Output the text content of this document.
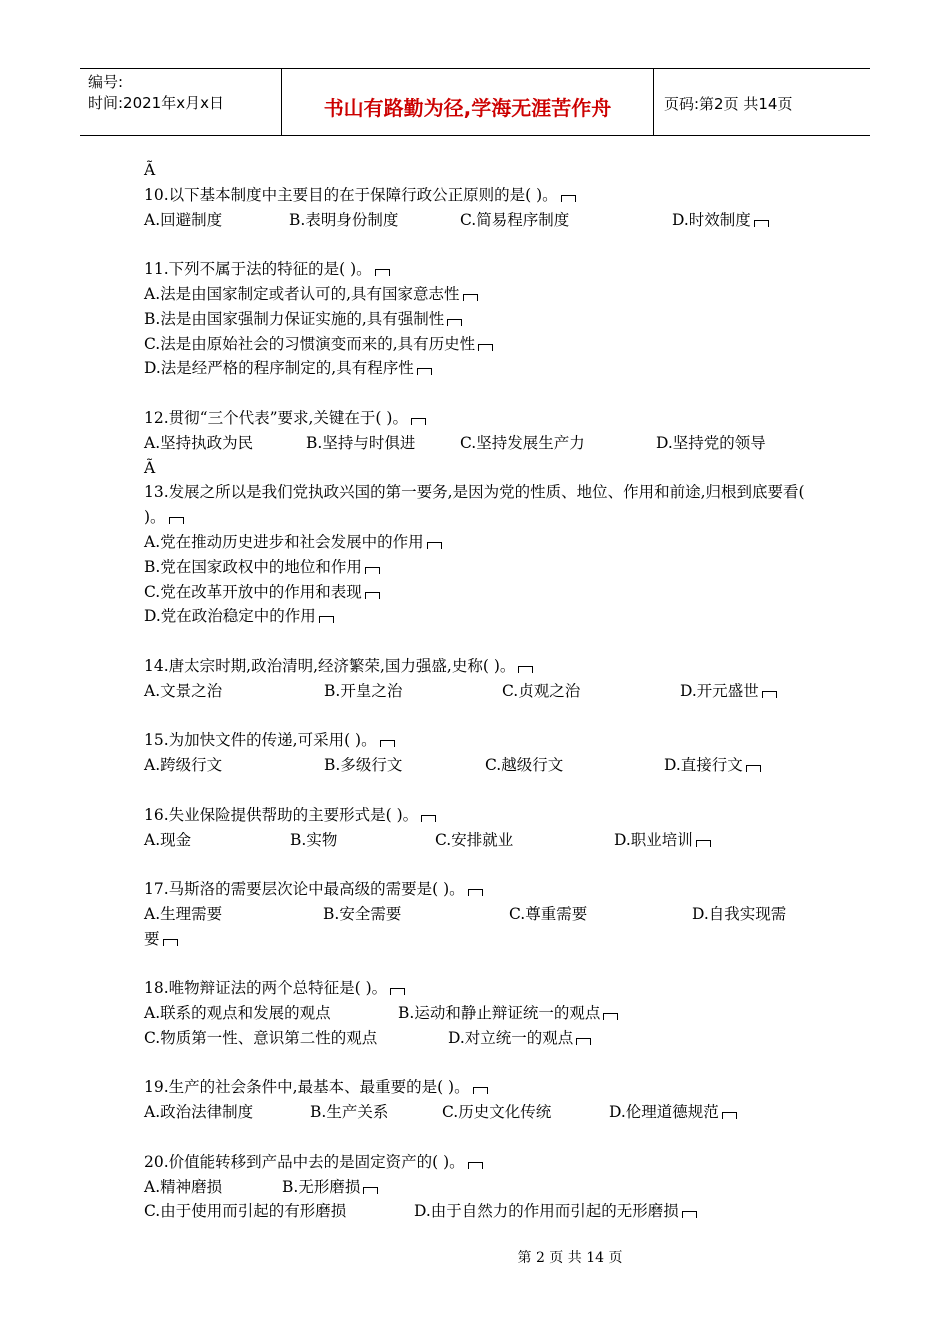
编号:
时间:2021年x月x日	书山有路勤为径,学海无涯苦作舟	页码:第2页 共14页
Ã
10.以下基本制度中主要目的在于保障行政公正原则的是( )。
A.回避制度	B.表明身份制度	C.简易程序制度	D.时效制度
11.下列不属于法的特征的是( )。
A.法是由国家制定或者认可的,具有国家意志性
B.法是由国家强制力保证实施的,具有强制性
C.法是由原始社会的习惯演变而来的,具有历史性
D.法是经严格的程序制定的,具有程序性
12.贯彻“三个代表”要求,关键在于( )。
A.坚持执政为民	B.坚持与时俱进	C.坚持发展生产力	D.坚持党的领导
Ã
13.发展之所以是我们党执政兴国的第一要务,是因为党的性质、地位、作用和前途,归根到底要看( )。
A.党在推动历史进步和社会发展中的作用
B.党在国家政权中的地位和作用
C.党在改革开放中的作用和表现
D.党在政治稳定中的作用
14.唐太宗时期,政治清明,经济繁荣,国力强盛,史称( )。
A.文景之治	B.开皇之治	C.贞观之治	D.开元盛世
15.为加快文件的传递,可采用( )。
A.跨级行文	B.多级行文	C.越级行文	D.直接行文
16.失业保险提供帮助的主要形式是( )。
A.现金	B.实物	C.安排就业	D.职业培训
17.马斯洛的需要层次论中最高级的需要是( )。
A.生理需要	B.安全需要	C.尊重需要	D.自我实现需
要
18.唯物辩证法的两个总特征是( )。
A.联系的观点和发展的观点	B.运动和静止辩证统一的观点
C.物质第一性、意识第二性的观点	D.对立统一的观点
19.生产的社会条件中,最基本、最重要的是( )。
A.政治法律制度	B.生产关系	C.历史文化传统	D.伦理道德规范
20.价值能转移到产品中去的是固定资产的( )。
A.精神磨损	B.无形磨损
C.由于使用而引起的有形磨损	D.由于自然力的作用而引起的无形磨损
第 2 页 共 14 页
